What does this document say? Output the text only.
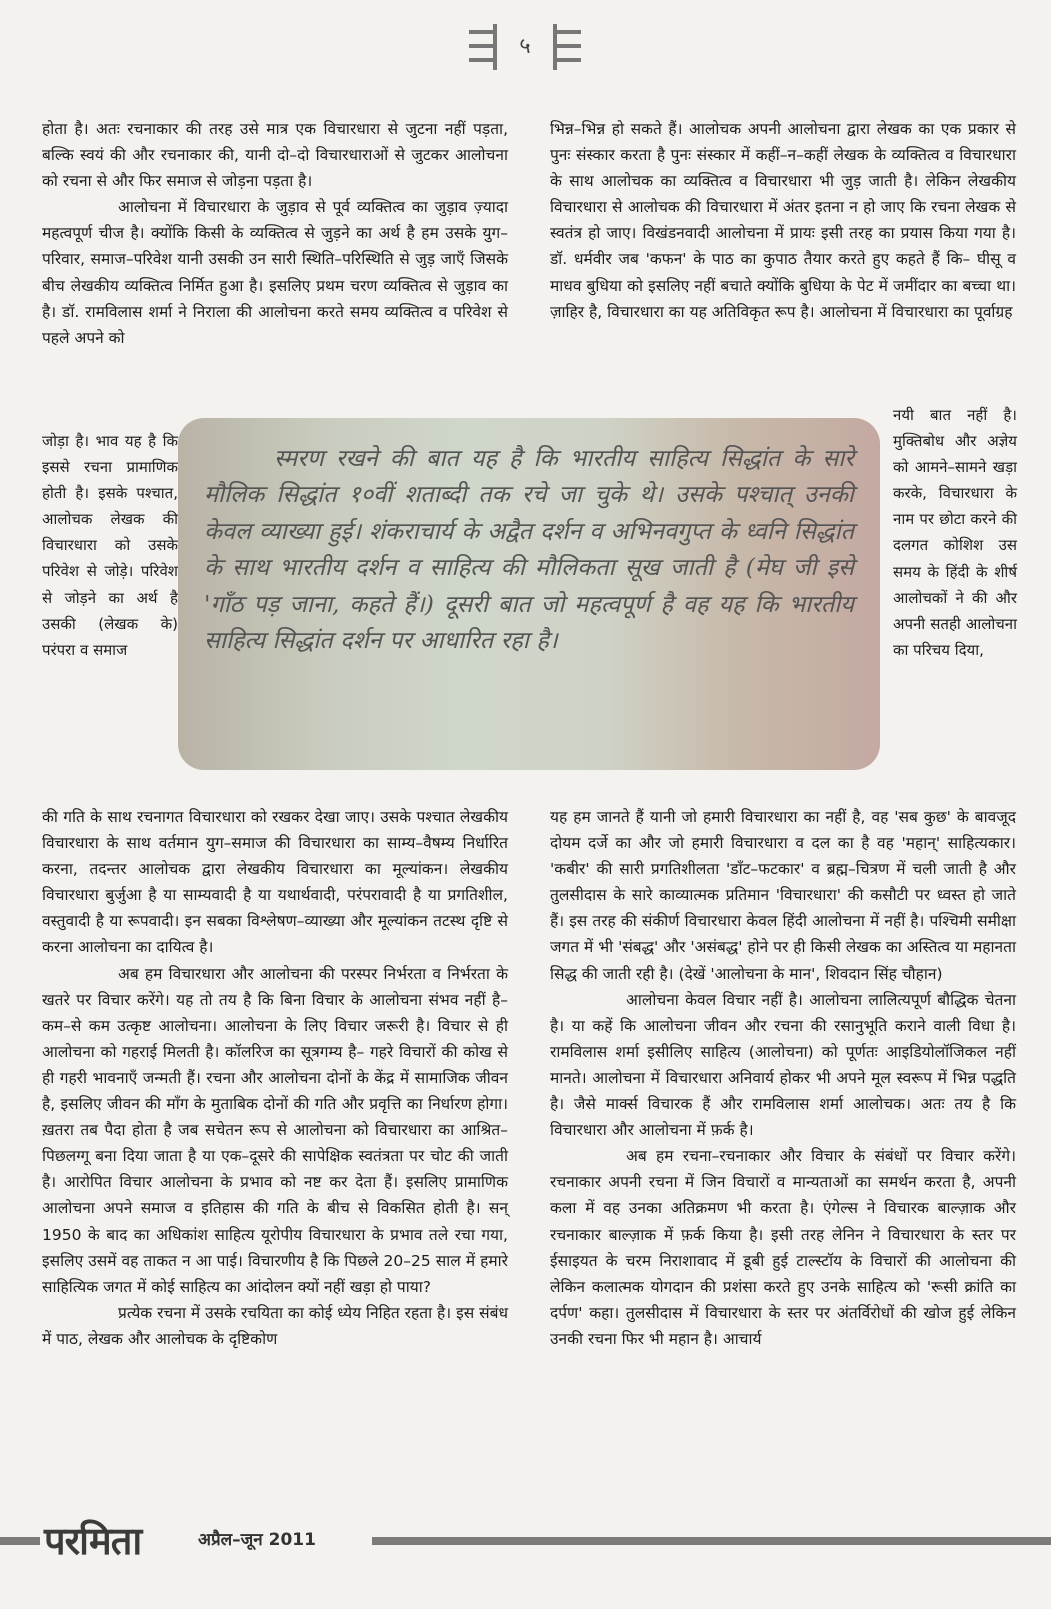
५

होता है। अतः रचनाकार की तरह उसे मात्र एक विचारधारा से जुटना नहीं पड़ता, बल्कि स्वयं की और रचनाकार की, यानी दो–दो विचारधाराओं से जुटकर आलोचना को रचना से और फिर समाज से जोड़ना पड़ता है।

आलोचना में विचारधारा के जुड़ाव से पूर्व व्यक्तित्व का जुड़ाव ज़्यादा महत्वपूर्ण चीज है। क्योंकि किसी के व्यक्तित्व से जुड़ने का अर्थ है हम उसके युग–परिवार, समाज–परिवेश यानी उसकी उन सारी स्थिति–परिस्थिति से जुड़ जाएँ जिसके बीच लेखकीय व्यक्तित्व निर्मित हुआ है। इसलिए प्रथम चरण व्यक्तित्व से जुड़ाव का है। डॉ. रामविलास शर्मा ने निराला की आलोचना करते समय व्यक्तित्व व परिवेश से पहले अपने को

भिन्न–भिन्न हो सकते हैं। आलोचक अपनी आलोचना द्वारा लेखक का एक प्रकार से पुनः संस्कार करता है पुनः संस्कार में कहीं–न–कहीं लेखक के व्यक्तित्व व विचारधारा के साथ आलोचक का व्यक्तित्व व विचारधारा भी जुड़ जाती है। लेकिन लेखकीय विचारधारा से आलोचक की विचारधारा में अंतर इतना न हो जाए कि रचना लेखक से स्वतंत्र हो जाए। विखंडनवादी आलोचना में प्रायः इसी तरह का प्रयास किया गया है। डॉ. धर्मवीर जब 'कफन' के पाठ का कुपाठ तैयार करते हुए कहते हैं कि– घीसू व माधव बुधिया को इसलिए नहीं बचाते क्योंकि बुधिया के पेट में जमींदार का बच्चा था। ज़ाहिर है, विचारधारा का यह अतिविकृत रूप है। आलोचना में विचारधारा का पूर्वाग्रह

जोड़ा है। भाव यह है कि इससे रचना प्रामाणिक होती है। इसके पश्चात, आलोचक लेखक की विचारधारा को उसके परिवेश से जोड़े। परिवेश से जोड़ने का अर्थ है उसकी (लेखक के) परंपरा व समाज

नयी बात नहीं है। मुक्तिबोध और अज्ञेय को आमने–सामने खड़ा करके, विचारधारा के नाम पर छोटा करने की दलगत कोशिश उस समय के हिंदी के शीर्ष आलोचकों ने की और अपनी सतही आलोचना का परिचय दिया,

स्मरण रखने की बात यह है कि भारतीय साहित्य सिद्धांत के सारे मौलिक सिद्धांत १०वीं शताब्दी तक रचे जा चुके थे। उसके पश्चात् उनकी केवल व्याख्या हुई। शंकराचार्य के अद्वैत दर्शन व अभिनवगुप्त के ध्वनि सिद्धांत के साथ भारतीय दर्शन व साहित्य की मौलिकता सूख जाती है (मेघ जी इसे 'गाँठ पड़ जाना, कहते हैं।) दूसरी बात जो महत्वपूर्ण है वह यह कि भारतीय साहित्य सिद्धांत दर्शन पर आधारित रहा है।

की गति के साथ रचनागत विचारधारा को रखकर देखा जाए। उसके पश्चात लेखकीय विचारधारा के साथ वर्तमान युग–समाज की विचारधारा का साम्य–वैषम्य निर्धारित करना, तदन्तर आलोचक द्वारा लेखकीय विचारधारा का मूल्यांकन। लेखकीय विचारधारा बुर्जुआ है या साम्यवादी है या यथार्थवादी, परंपरावादी है या प्रगतिशील, वस्तुवादी है या रूपवादी। इन सबका विश्लेषण–व्याख्या और मूल्यांकन तटस्थ दृष्टि से करना आलोचना का दायित्व है।

अब हम विचारधारा और आलोचना की परस्पर निर्भरता व निर्भरता के खतरे पर विचार करेंगे। यह तो तय है कि बिना विचार के आलोचना संभव नहीं है– कम–से कम उत्कृष्ट आलोचना। आलोचना के लिए विचार जरूरी है। विचार से ही आलोचना को गहराई मिलती है। कॉलरिज का सूत्रगम्य है– गहरे विचारों की कोख से ही गहरी भावनाएँ जन्मती हैं। रचना और आलोचना दोनों के केंद्र में सामाजिक जीवन है, इसलिए जीवन की माँग के मुताबिक दोनों की गति और प्रवृत्ति का निर्धारण होगा। ख़तरा तब पैदा होता है जब सचेतन रूप से आलोचना को विचारधारा का आश्रित–पिछलग्गू बना दिया जाता है या एक–दूसरे की सापेक्षिक स्वतंत्रता पर चोट की जाती है। आरोपित विचार आलोचना के प्रभाव को नष्ट कर देता हैं। इसलिए प्रामाणिक आलोचना अपने समाज व इतिहास की गति के बीच से विकसित होती है। सन् 1950 के बाद का अधिकांश साहित्य यूरोपीय विचारधारा के प्रभाव तले रचा गया, इसलिए उसमें वह ताकत न आ पाई। विचारणीय है कि पिछले 20–25 साल में हमारे साहित्यिक जगत में कोई साहित्य का आंदोलन क्यों नहीं खड़ा हो पाया?

प्रत्येक रचना में उसके रचयिता का कोई ध्येय निहित रहता है। इस संबंध में पाठ, लेखक और आलोचक के दृष्टिकोण

यह हम जानते हैं यानी जो हमारी विचारधारा का नहीं है, वह 'सब कुछ' के बावजूद दोयम दर्जे का और जो हमारी विचारधारा व दल का है वह 'महान्' साहित्यकार। 'कबीर' की सारी प्रगतिशीलता 'डाँट–फटकार' व ब्रह्म–चित्रण में चली जाती है और तुलसीदास के सारे काव्यात्मक प्रतिमान 'विचारधारा' की कसौटी पर ध्वस्त हो जाते हैं। इस तरह की संकीर्ण विचारधारा केवल हिंदी आलोचना में नहीं है। पश्चिमी समीक्षा जगत में भी 'संबद्ध' और 'असंबद्ध' होने पर ही किसी लेखक का अस्तित्व या महानता सिद्ध की जाती रही है। (देखें 'आलोचना के मान', शिवदान सिंह चौहान)

आलोचना केवल विचार नहीं है। आलोचना लालित्यपूर्ण बौद्धिक चेतना है। या कहें कि आलोचना जीवन और रचना की रसानुभूति कराने वाली विधा है। रामविलास शर्मा इसीलिए साहित्य (आलोचना) को पूर्णतः आइडियोलॉजिकल नहीं मानते। आलोचना में विचारधारा अनिवार्य होकर भी अपने मूल स्वरूप में भिन्न पद्धति है। जैसे मार्क्स विचारक हैं और रामविलास शर्मा आलोचक। अतः तय है कि विचारधारा और आलोचना में फ़र्क है।

अब हम रचना–रचनाकार और विचार के संबंधों पर विचार करेंगे। रचनाकार अपनी रचना में जिन विचारों व मान्यताओं का समर्थन करता है, अपनी कला में वह उनका अतिक्रमण भी करता है। एंगेल्स ने विचारक बाल्ज़ाक और रचनाकार बाल्ज़ाक में फ़र्क किया है। इसी तरह लेनिन ने विचारधारा के स्तर पर ईसाइयत के चरम निराशावाद में डूबी हुई टाल्स्टॉय के विचारों की आलोचना की लेकिन कलात्मक योगदान की प्रशंसा करते हुए उनके साहित्य को 'रूसी क्रांति का दर्पण' कहा। तुलसीदास में विचारधारा के स्तर पर अंतर्विरोधों की खोज हुई लेकिन उनकी रचना फिर भी महान है। आचार्य

परमिता	अप्रैल–जून 2011
